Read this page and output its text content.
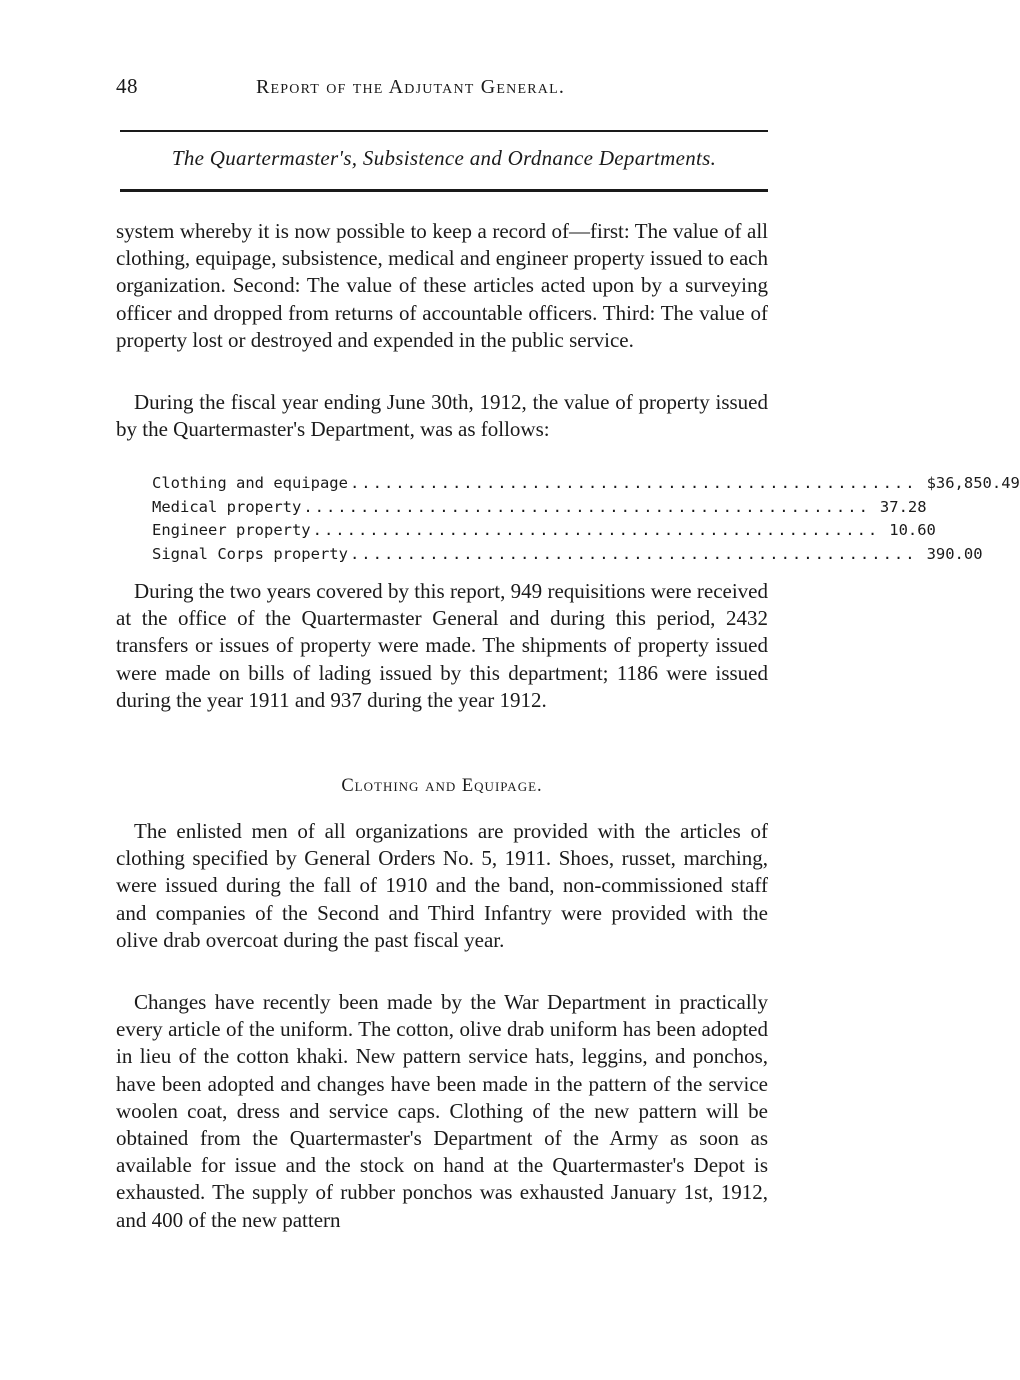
48	Report of the Adjutant General.
The Quartermaster's, Subsistence and Ordnance Departments.

system whereby it is now possible to keep a record of—first: The value of all clothing, equipage, subsistence, medical and engineer property issued to each organization. Second: The value of these articles acted upon by a surveying officer and dropped from returns of accountable officers. Third: The value of property lost or destroyed and expended in the public service.

During the fiscal year ending June 30th, 1912, the value of property issued by the Quartermaster's Department, was as follows:

Clothing and equipage .................................................. $36,850.49
Medical property .................................................. 37.28
Engineer property .................................................. 10.60
Signal Corps property .................................................. 390.00

During the two years covered by this report, 949 requisitions were received at the office of the Quartermaster General and during this period, 2432 transfers or issues of property were made. The shipments of property issued were made on bills of lading issued by this department; 1186 were issued during the year 1911 and 937 during the year 1912.

Clothing and Equipage.

The enlisted men of all organizations are provided with the articles of clothing specified by General Orders No. 5, 1911. Shoes, russet, marching, were issued during the fall of 1910 and the band, non-commissioned staff and companies of the Second and Third Infantry were provided with the olive drab overcoat during the past fiscal year.

Changes have recently been made by the War Department in practically every article of the uniform. The cotton, olive drab uniform has been adopted in lieu of the cotton khaki. New pattern service hats, leggins, and ponchos, have been adopted and changes have been made in the pattern of the service woolen coat, dress and service caps. Clothing of the new pattern will be obtained from the Quartermaster's Department of the Army as soon as available for issue and the stock on hand at the Quartermaster's Depot is exhausted. The supply of rubber ponchos was exhausted January 1st, 1912, and 400 of the new pattern
